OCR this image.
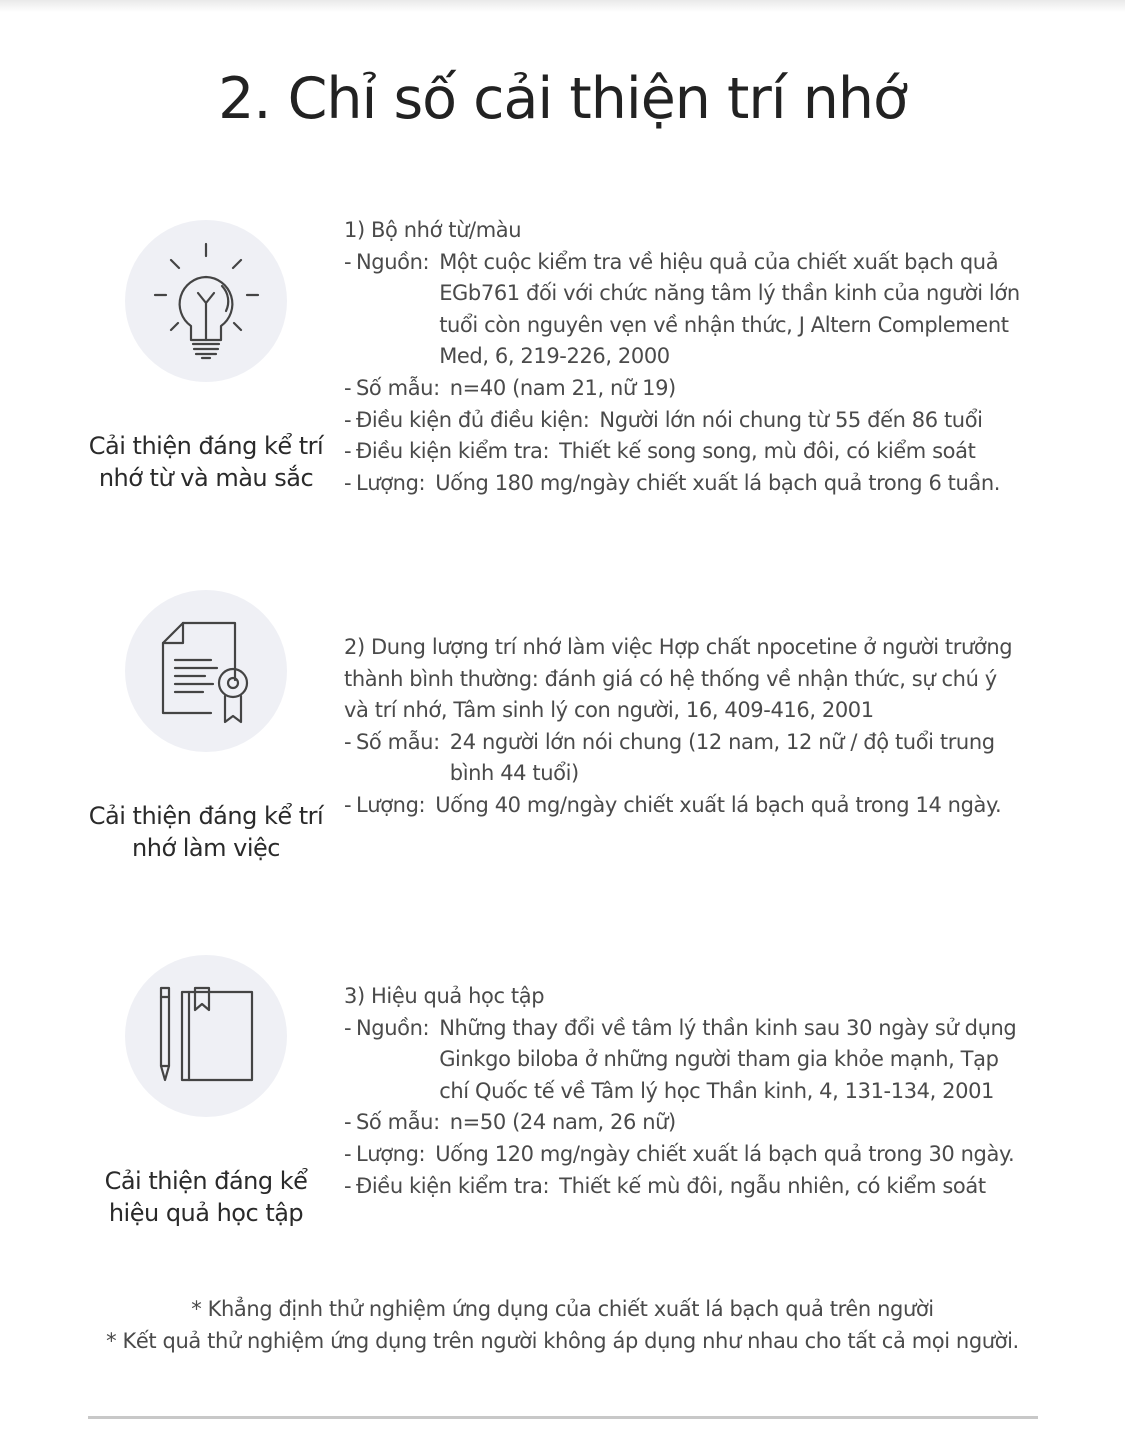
2. Chỉ số cải thiện trí nhớ
Cải thiện đáng kể trí
nhớ từ và màu sắc
1) Bộ nhớ từ/màu
- Nguồn: Một cuộc kiểm tra về hiệu quả của chiết xuất bạch quả
EGb761 đối với chức năng tâm lý thần kinh của người lớn
tuổi còn nguyên vẹn về nhận thức, J Altern Complement
Med, 6, 219-226, 2000
- Số mẫu: n=40 (nam 21, nữ 19)
- Điều kiện đủ điều kiện: Người lớn nói chung từ 55 đến 86 tuổi
- Điều kiện kiểm tra: Thiết kế song song, mù đôi, có kiểm soát
- Lượng: Uống 180 mg/ngày chiết xuất lá bạch quả trong 6 tuần.
Cải thiện đáng kể trí
nhớ làm việc
2) Dung lượng trí nhớ làm việc Hợp chất npocetine ở người trưởng
thành bình thường: đánh giá có hệ thống về nhận thức, sự chú ý
và trí nhớ, Tâm sinh lý con người, 16, 409-416, 2001
- Số mẫu: 24 người lớn nói chung (12 nam, 12 nữ / độ tuổi trung
bình 44 tuổi)
- Lượng: Uống 40 mg/ngày chiết xuất lá bạch quả trong 14 ngày.
Cải thiện đáng kể
hiệu quả học tập
3) Hiệu quả học tập
- Nguồn: Những thay đổi về tâm lý thần kinh sau 30 ngày sử dụng
Ginkgo biloba ở những người tham gia khỏe mạnh, Tạp
chí Quốc tế về Tâm lý học Thần kinh, 4, 131-134, 2001
- Số mẫu: n=50 (24 nam, 26 nữ)
- Lượng: Uống 120 mg/ngày chiết xuất lá bạch quả trong 30 ngày.
- Điều kiện kiểm tra: Thiết kế mù đôi, ngẫu nhiên, có kiểm soát
* Khẳng định thử nghiệm ứng dụng của chiết xuất lá bạch quả trên người
* Kết quả thử nghiệm ứng dụng trên người không áp dụng như nhau cho tất cả mọi người.
